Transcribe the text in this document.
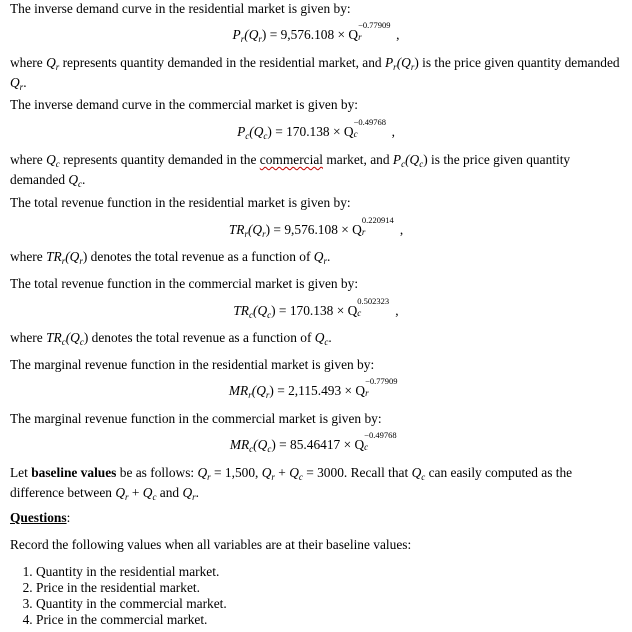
The inverse demand curve in the residential market is given by:

$P_r(Q_r) = 9,576.108 \times Q$
−0.77909
r	,

where $Q_r$ represents quantity demanded in the residential market, and $P_r(Q_r)$ is the price given quantity demanded $Q_r$.

The inverse demand curve in the commercial market is given by:

$P_c(Q_c) = 170.138 \times Q$
−0.49768
c	,

where $Q_c$ represents quantity demanded in the commercial market, and $P_c(Q_c)$ is the price given quantity demanded $Q_c$.

The total revenue function in the residential market is given by:

$TR_r(Q_r) = 9,576.108 \times Q$
0.220914
r	,

where $TR_r(Q_r)$ denotes the total revenue as a function of $Q_r$.

The total revenue function in the commercial market is given by:

$TR_c(Q_c) = 170.138 \times Q$
0.502323
c	,

where $TR_c(Q_c)$ denotes the total revenue as a function of $Q_c$.

The marginal revenue function in the residential market is given by:

$MR_r(Q_r) = 2,115.493 \times Q$
−0.77909
r

The marginal revenue function in the commercial market is given by:

$MR_c(Q_c) = 85.46417 \times Q$
−0.49768
c

Let baseline values be as follows: $Q_r = 1,500$, $Q_r + Q_c = 3000$. Recall that $Q_c$ can easily computed as the difference between $Q_r + Q_c$ and $Q_r$.

Questions:

Record the following values when all variables are at their baseline values:

1. Quantity in the residential market.
2. Price in the residential market.
3. Quantity in the commercial market.
4. Price in the commercial market.
